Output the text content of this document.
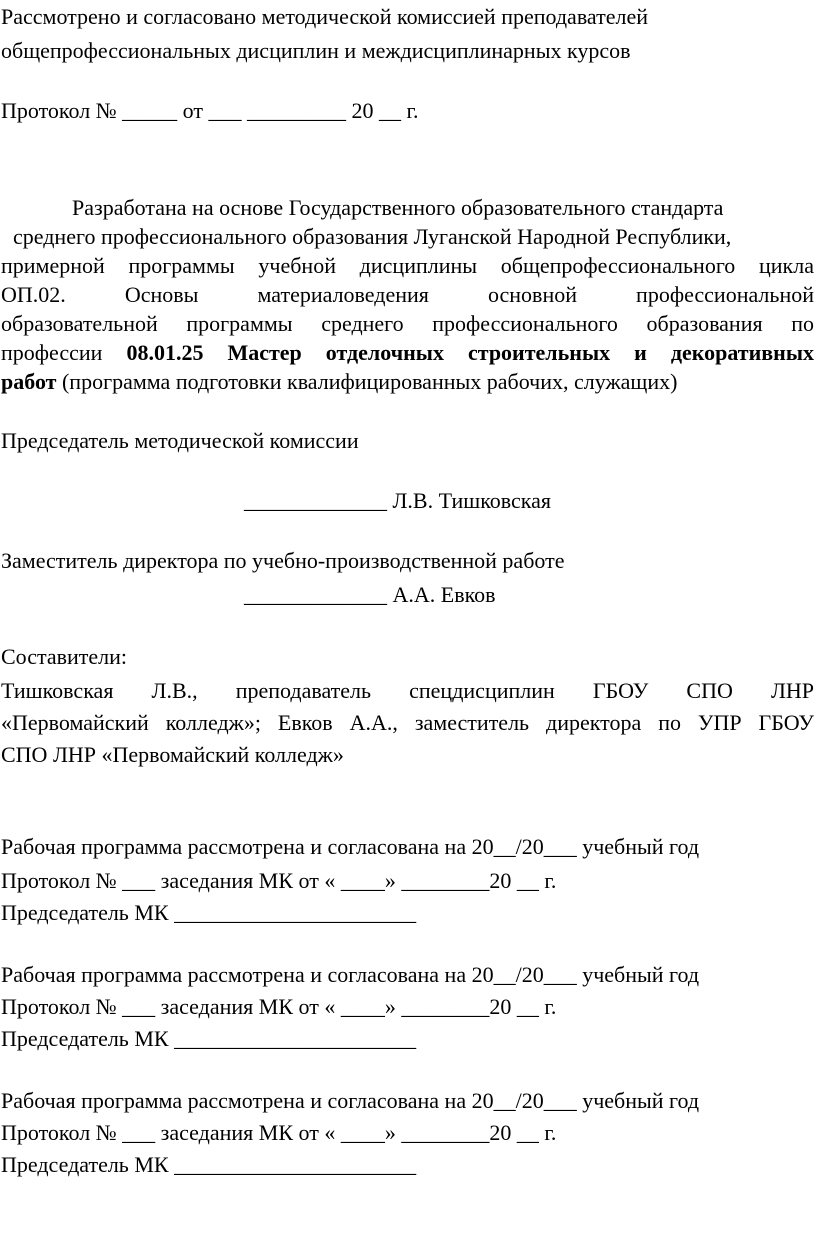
Рассмотрено и согласовано методической комиссией преподавателей
общепрофессиональных дисциплин и междисциплинарных курсов
Протокол № _____ от ___ _________ 20 __ г.
Разработана на основе Государственного образовательного стандарта
среднего профессионального образования Луганской Народной Республики,
примерной программы учебной дисциплины общепрофессионального цикла
ОП.02. Основы материаловедения основной профессиональной
образовательной программы среднего профессионального образования по
профессии 08.01.25 Мастер отделочных строительных и декоративных
работ (программа подготовки квалифицированных рабочих, служащих)
Председатель методической комиссии
_____________ Л.В. Тишковская
Заместитель директора по учебно-производственной работе
_____________ А.А. Евков
Составители:
Тишковская Л.В., преподаватель спецдисциплин ГБОУ СПО ЛНР
«Первомайский колледж»; Евков А.А., заместитель директора по УПР ГБОУ
СПО ЛНР «Первомайский колледж»
Рабочая программа рассмотрена и согласована на 20__/20___ учебный год
Протокол № ___ заседания МК от « ____» ________20 __ г.
Председатель МК ______________________
Рабочая программа рассмотрена и согласована на 20__/20___ учебный год
Протокол № ___ заседания МК от « ____» ________20 __ г.
Председатель МК ______________________
Рабочая программа рассмотрена и согласована на 20__/20___ учебный год
Протокол № ___ заседания МК от « ____» ________20 __ г.
Председатель МК ______________________
